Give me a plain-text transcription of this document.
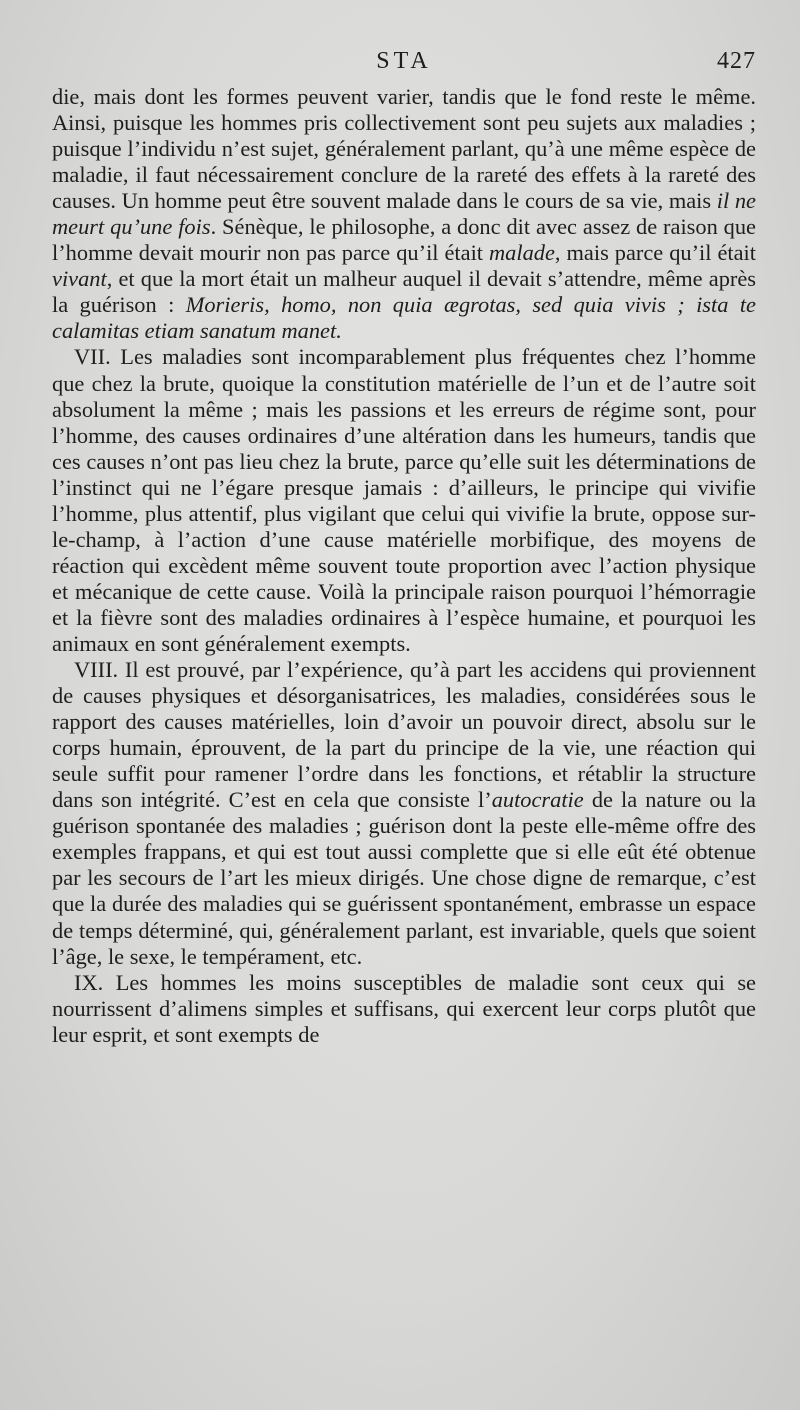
STA	427

die, mais dont les formes peuvent varier, tandis que le fond reste le même. Ainsi, puisque les hommes pris collectivement sont peu sujets aux maladies ; puisque l’individu n’est sujet, généralement parlant, qu’à une même espèce de maladie, il faut nécessairement conclure de la rareté des effets à la rareté des causes. Un homme peut être souvent malade dans le cours de sa vie, mais il ne meurt qu’une fois. Sénèque, le philosophe, a donc dit avec assez de raison que l’homme devait mourir non pas parce qu’il était malade, mais parce qu’il était vivant, et que la mort était un malheur auquel il devait s’attendre, même après la guérison : Morieris, homo, non quia ægrotas, sed quia vivis ; ista te calamitas etiam sanatum manet.

VII. Les maladies sont incomparablement plus fréquentes chez l’homme que chez la brute, quoique la constitution matérielle de l’un et de l’autre soit absolument la même ; mais les passions et les erreurs de régime sont, pour l’homme, des causes ordinaires d’une altération dans les humeurs, tandis que ces causes n’ont pas lieu chez la brute, parce qu’elle suit les déterminations de l’instinct qui ne l’égare presque jamais : d’ailleurs, le principe qui vivifie l’homme, plus attentif, plus vigilant que celui qui vivifie la brute, oppose sur-le-champ, à l’action d’une cause matérielle morbifique, des moyens de réaction qui excèdent même souvent toute proportion avec l’action physique et mécanique de cette cause. Voilà la principale raison pourquoi l’hémorragie et la fièvre sont des maladies ordinaires à l’espèce humaine, et pourquoi les animaux en sont généralement exempts.

VIII. Il est prouvé, par l’expérience, qu’à part les accidens qui proviennent de causes physiques et désorganisatrices, les maladies, considérées sous le rapport des causes matérielles, loin d’avoir un pouvoir direct, absolu sur le corps humain, éprouvent, de la part du principe de la vie, une réaction qui seule suffit pour ramener l’ordre dans les fonctions, et rétablir la structure dans son intégrité. C’est en cela que consiste l’autocratie de la nature ou la guérison spontanée des maladies ; guérison dont la peste elle-même offre des exemples frappans, et qui est tout aussi complette que si elle eût été obtenue par les secours de l’art les mieux dirigés. Une chose digne de remarque, c’est que la durée des maladies qui se guérissent spontanément, embrasse un espace de temps déterminé, qui, généralement parlant, est invariable, quels que soient l’âge, le sexe, le tempérament, etc.

IX. Les hommes les moins susceptibles de maladie sont ceux qui se nourrissent d’alimens simples et suffisans, qui exercent leur corps plutôt que leur esprit, et sont exempts de
